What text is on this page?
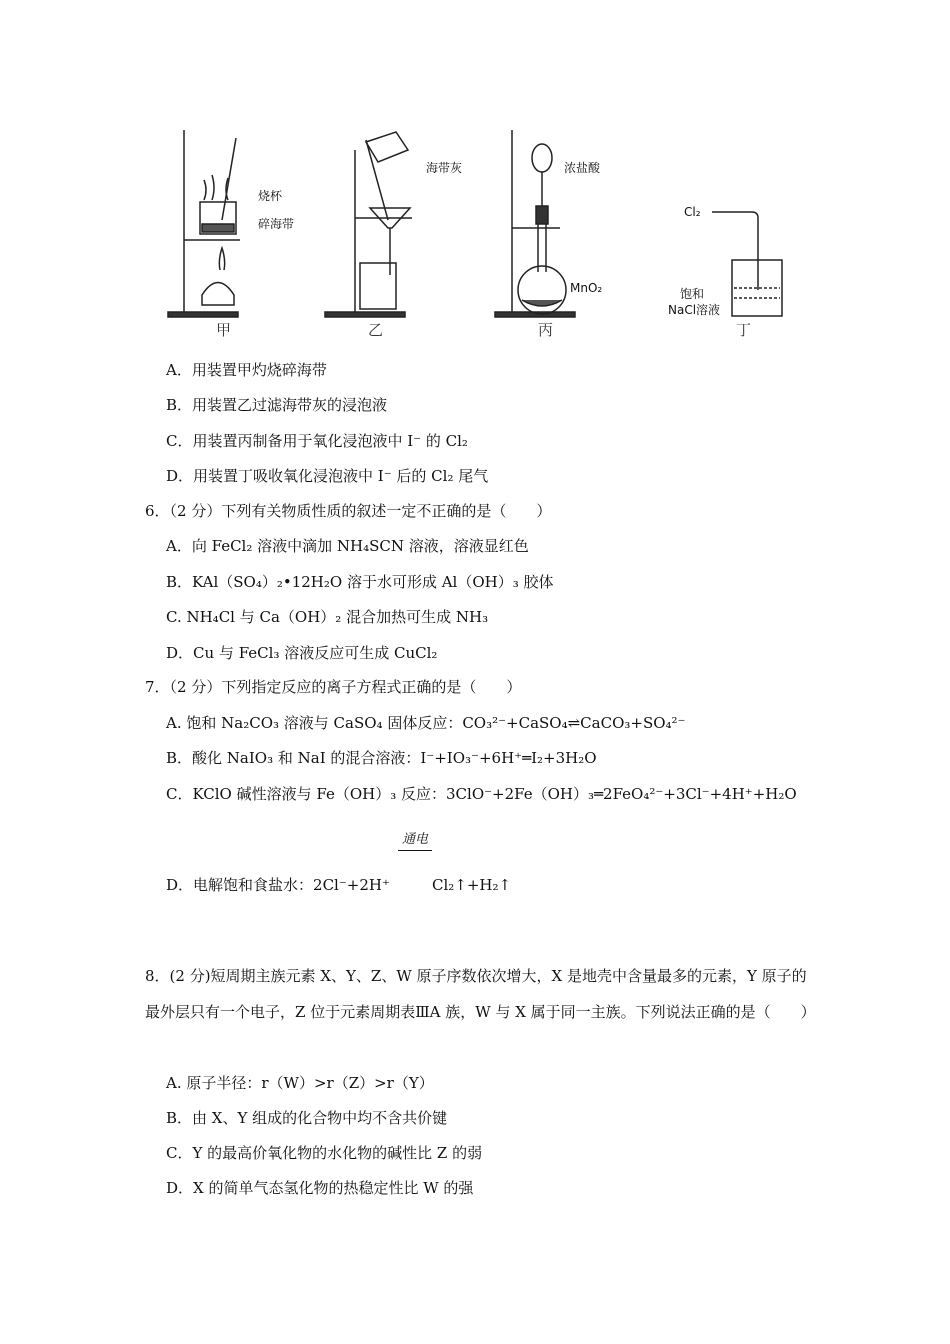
烧杯
碎海带
甲
海带灰
乙
浓盐酸
MnO₂
丙
Cl₂
饱和
NaCl溶液
丁
A．用装置甲灼烧碎海带
B．用装置乙过滤海带灰的浸泡液
C．用装置丙制备用于氧化浸泡液中 I⁻ 的 Cl₂
D．用装置丁吸收氧化浸泡液中 I⁻ 后的 Cl₂ 尾气
6．（2 分）下列有关物质性质的叙述一定不正确的是（　　）
A．向 FeCl₂ 溶液中滴加 NH₄SCN 溶液，溶液显红色
B．KAl（SO₄）₂•12H₂O 溶于水可形成 Al（OH）₃ 胶体
C. NH₄Cl 与 Ca（OH）₂ 混合加热可生成 NH₃
D．Cu 与 FeCl₃ 溶液反应可生成 CuCl₂
7．（2 分）下列指定反应的离子方程式正确的是（　　）
A. 饱和 Na₂CO₃ 溶液与 CaSO₄ 固体反应：CO₃²⁻+CaSO₄⇌CaCO₃+SO₄²⁻
B．酸化 NaIO₃ 和 NaI 的混合溶液：I⁻+IO₃⁻+6H⁺═I₂+3H₂O
C．KClO 碱性溶液与 Fe（OH）₃ 反应：3ClO⁻+2Fe（OH）₃═2FeO₄²⁻+3Cl⁻+4H⁺+H₂O
通电
D．电解饱和食盐水：2Cl⁻+2H⁺	Cl₂↑+H₂↑
8．(2 分)短周期主族元素 X、Y、Z、W 原子序数依次增大，X 是地壳中含量最多的元素，Y 原子的最外层只有一个电子，Z 位于元素周期表ⅢA 族，W 与 X 属于同一主族。下列说法正确的是（　　）
A. 原子半径：r（W）>r（Z）>r（Y）
B．由 X、Y 组成的化合物中均不含共价键
C．Y 的最高价氧化物的水化物的碱性比 Z 的弱
D．X 的简单气态氢化物的热稳定性比 W 的强
